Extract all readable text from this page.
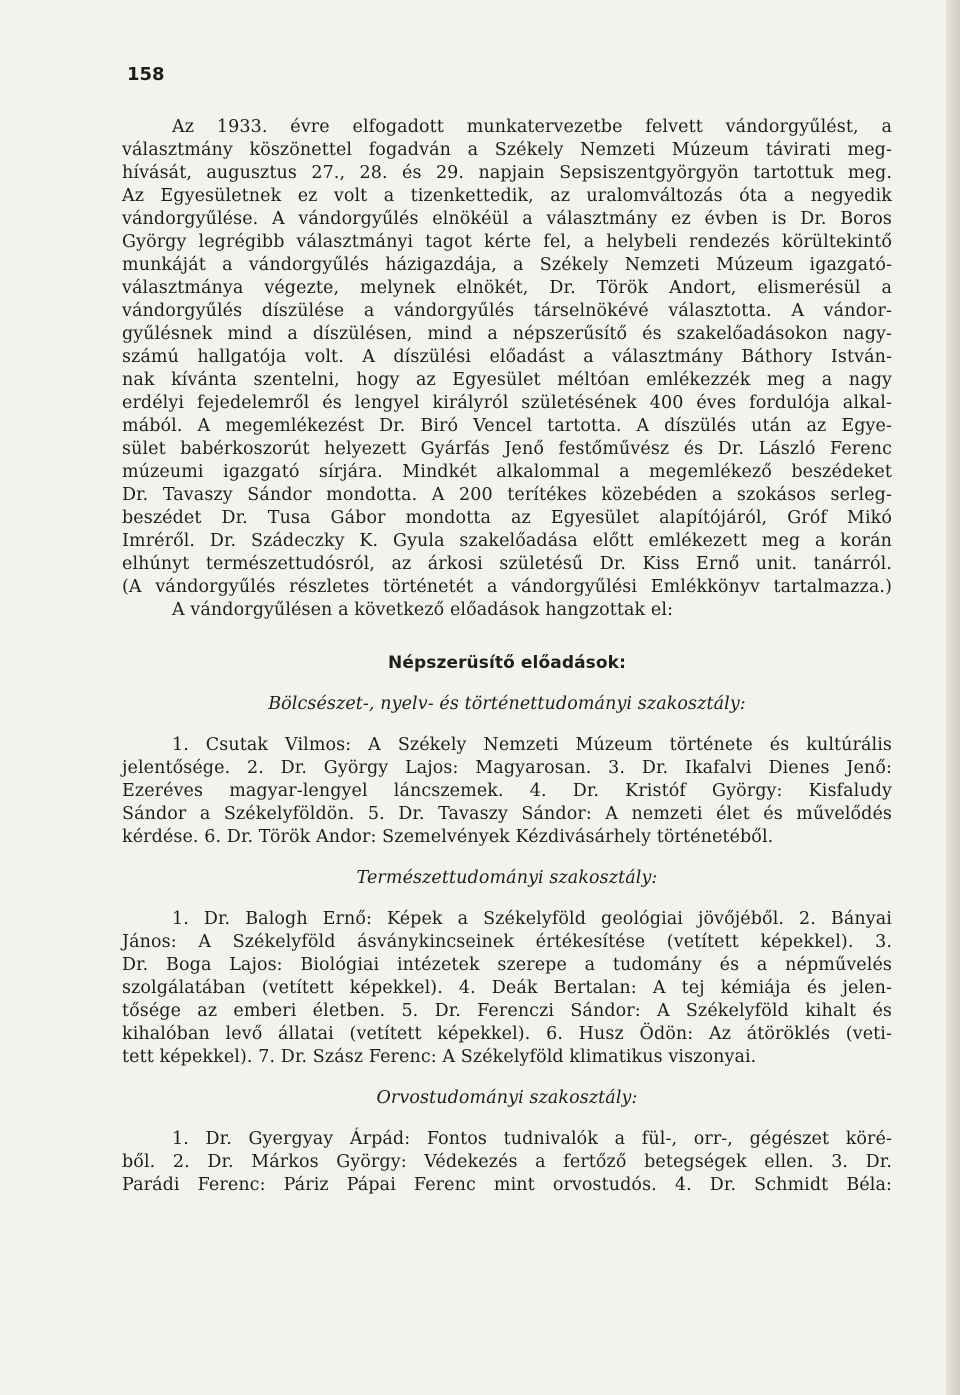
158
Az 1933. évre elfogadott munkatervezetbe felvett vándorgyűlést, a
választmány köszönettel fogadván a Székely Nemzeti Múzeum távirati meg-
hívását, augusztus 27., 28. és 29. napjain Sepsiszentgyörgyön tartottuk meg.
Az Egyesületnek ez volt a tizenkettedik, az uralomváltozás óta a negyedik
vándorgyűlése. A vándorgyűlés elnökéül a választmány ez évben is Dr. Boros
György legrégibb választmányi tagot kérte fel, a helybeli rendezés körültekintő
munkáját a vándorgyűlés házigazdája, a Székely Nemzeti Múzeum igazgató-
választmánya végezte, melynek elnökét, Dr. Török Andort, elismerésül a
vándorgyűlés díszülése a vándorgyűlés társelnökévé választotta. A vándor-
gyűlésnek mind a díszülésen, mind a népszerűsítő és szakelőadásokon nagy-
számú hallgatója volt. A díszülési előadást a választmány Báthory István-
nak kívánta szentelni, hogy az Egyesület méltóan emlékezzék meg a nagy
erdélyi fejedelemről és lengyel királyról születésének 400 éves fordulója alkal-
mából. A megemlékezést Dr. Biró Vencel tartotta. A díszülés után az Egye-
sület babérkoszorút helyezett Gyárfás Jenő festőművész és Dr. László Ferenc
múzeumi igazgató sírjára. Mindkét alkalommal a megemlékező beszédeket
Dr. Tavaszy Sándor mondotta. A 200 terítékes közebéden a szokásos serleg-
beszédet Dr. Tusa Gábor mondotta az Egyesület alapítójáról, Gróf Mikó
Imréről. Dr. Szádeczky K. Gyula szakelőadása előtt emlékezett meg a korán
elhúnyt természettudósról, az árkosi születésű Dr. Kiss Ernő unit. tanárról.
(A vándorgyűlés részletes történetét a vándorgyűlési Emlékkönyv tartalmazza.)
A vándorgyűlésen a következő előadások hangzottak el:
Népszerüsítő előadások:
Bölcsészet-, nyelv- és történettudományi szakosztály:
1. Csutak Vilmos: A Székely Nemzeti Múzeum története és kultúrális
jelentősége. 2. Dr. György Lajos: Magyarosan. 3. Dr. Ikafalvi Dienes Jenő:
Ezeréves magyar-lengyel láncszemek. 4. Dr. Kristóf György: Kisfaludy
Sándor a Székelyföldön. 5. Dr. Tavaszy Sándor: A nemzeti élet és művelődés
kérdése. 6. Dr. Török Andor: Szemelvények Kézdivásárhely történetéből.
Természettudományi szakosztály:
1. Dr. Balogh Ernő: Képek a Székelyföld geológiai jövőjéből. 2. Bányai
János: A Székelyföld ásványkincseinek értékesítése (vetített képekkel). 3.
Dr. Boga Lajos: Biológiai intézetek szerepe a tudomány és a népművelés
szolgálatában (vetített képekkel). 4. Deák Bertalan: A tej kémiája és jelen-
tősége az emberi életben. 5. Dr. Ferenczi Sándor: A Székelyföld kihalt és
kihalóban levő állatai (vetített képekkel). 6. Husz Ödön: Az átöröklés (veti-
tett képekkel). 7. Dr. Szász Ferenc: A Székelyföld klimatikus viszonyai.
Orvostudományi szakosztály:
1. Dr. Gyergyay Árpád: Fontos tudnivalók a fül-, orr-, gégészet köré-
ből. 2. Dr. Márkos György: Védekezés a fertőző betegségek ellen. 3. Dr.
Parádi Ferenc: Páriz Pápai Ferenc mint orvostudós. 4. Dr. Schmidt Béla:
